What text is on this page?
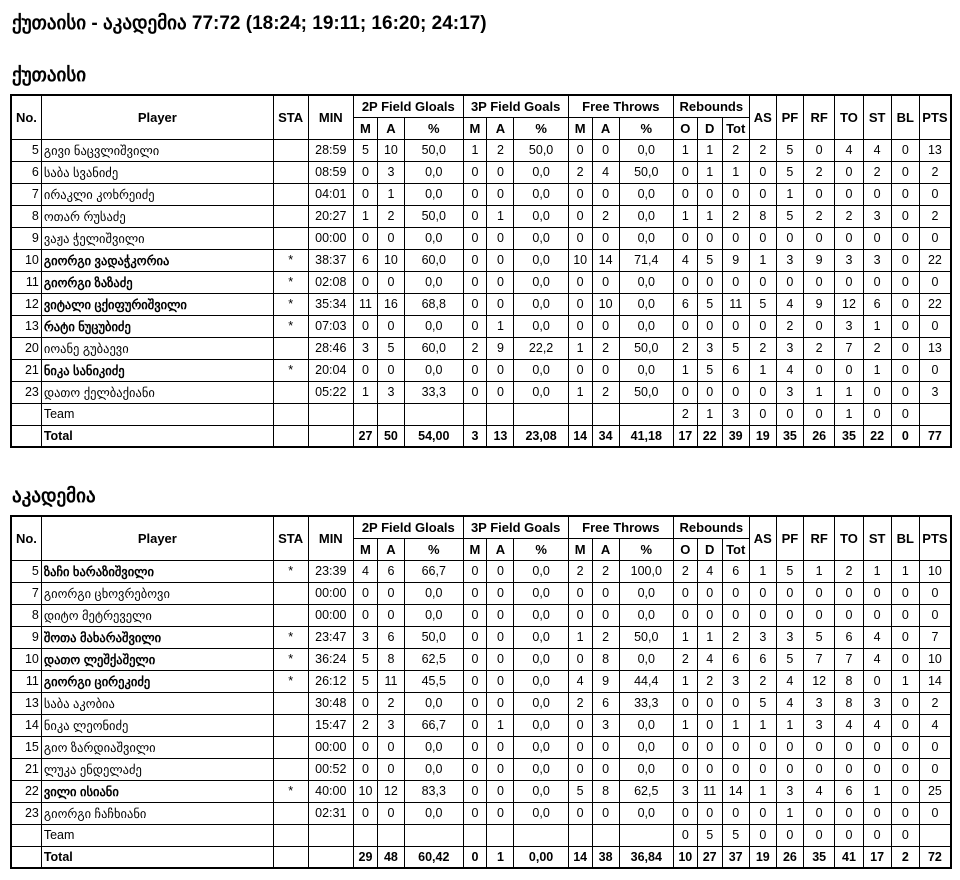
ქუთაისი - აკადემია 77:72 (18:24; 19:11; 16:20; 24:17)
ქუთაისი
No.	Player	STA	MIN	2P Field Gloals			3P Field Goals			Free Throws			Rebounds			AS	PF	RF	TO	ST	BL	PTS
				M	A	%	M	A	%	M	A	%	O	D	Tot							
5	გივი ნაცვლიშვილი		28:59	5	10	50,0	1	2	50,0	0	0	0,0	1	1	2	2	5	0	4	4	0	13
6	საბა სვანიძე		08:59	0	3	0,0	0	0	0,0	2	4	50,0	0	1	1	0	5	2	0	2	0	2
7	ირაკლი კოხრეიძე		04:01	0	1	0,0	0	0	0,0	0	0	0,0	0	0	0	0	1	0	0	0	0	0
8	ოთარ რუსაძე		20:27	1	2	50,0	0	1	0,0	0	2	0,0	1	1	2	8	5	2	2	3	0	2
9	ვაჟა ჭელიშვილი		00:00	0	0	0,0	0	0	0,0	0	0	0,0	0	0	0	0	0	0	0	0	0	0
10	გიორგი ვადაჭკორია	*	38:37	6	10	60,0	0	0	0,0	10	14	71,4	4	5	9	1	3	9	3	3	0	22
11	გიორგი ზაზაძე	*	02:08	0	0	0,0	0	0	0,0	0	0	0,0	0	0	0	0	0	0	0	0	0	0
12	ვიტალი ცქიფურიშვილი	*	35:34	11	16	68,8	0	0	0,0	0	10	0,0	6	5	11	5	4	9	12	6	0	22
13	რატი ნუცუბიძე	*	07:03	0	0	0,0	0	1	0,0	0	0	0,0	0	0	0	0	2	0	3	1	0	0
20	იოანე გუბაევი		28:46	3	5	60,0	2	9	22,2	1	2	50,0	2	3	5	2	3	2	7	2	0	13
21	ნიკა სანიკიძე	*	20:04	0	0	0,0	0	0	0,0	0	0	0,0	1	5	6	1	4	0	0	1	0	0
23	დათო ქელბაქიანი		05:22	1	3	33,3	0	0	0,0	1	2	50,0	0	0	0	0	3	1	1	0	0	3
	Team												2	1	3	0	0	0	1	0	0	
	Total			27	50	54,00	3	13	23,08	14	34	41,18	17	22	39	19	35	26	35	22	0	77
აკადემია
No.	Player	STA	MIN	2P Field Gloals			3P Field Goals			Free Throws			Rebounds			AS	PF	RF	TO	ST	BL	PTS
				M	A	%	M	A	%	M	A	%	O	D	Tot							
5	ზაჩი ხარაზიშვილი	*	23:39	4	6	66,7	0	0	0,0	2	2	100,0	2	4	6	1	5	1	2	1	1	10
7	გიორგი ცხოვრებოვი		00:00	0	0	0,0	0	0	0,0	0	0	0,0	0	0	0	0	0	0	0	0	0	0
8	დიტო მეტრეველი		00:00	0	0	0,0	0	0	0,0	0	0	0,0	0	0	0	0	0	0	0	0	0	0
9	შოთა მახარაშვილი	*	23:47	3	6	50,0	0	0	0,0	1	2	50,0	1	1	2	3	3	5	6	4	0	7
10	დათო ლეშქაშელი	*	36:24	5	8	62,5	0	0	0,0	0	8	0,0	2	4	6	6	5	7	7	4	0	10
11	გიორგი ცირეკიძე	*	26:12	5	11	45,5	0	0	0,0	4	9	44,4	1	2	3	2	4	12	8	0	1	14
13	საბა აკობია		30:48	0	2	0,0	0	0	0,0	2	6	33,3	0	0	0	5	4	3	8	3	0	2
14	ნიკა ლეონიძე		15:47	2	3	66,7	0	1	0,0	0	3	0,0	1	0	1	1	1	3	4	4	0	4
15	გიო ზარდიაშვილი		00:00	0	0	0,0	0	0	0,0	0	0	0,0	0	0	0	0	0	0	0	0	0	0
21	ლუკა ენდელაძე		00:52	0	0	0,0	0	0	0,0	0	0	0,0	0	0	0	0	0	0	0	0	0	0
22	ვილი ისიანი	*	40:00	10	12	83,3	0	0	0,0	5	8	62,5	3	11	14	1	3	4	6	1	0	25
23	გიორგი ჩაჩხიანი		02:31	0	0	0,0	0	0	0,0	0	0	0,0	0	0	0	0	1	0	0	0	0	0
	Team												0	5	5	0	0	0	0	0	0	
	Total			29	48	60,42	0	1	0,00	14	38	36,84	10	27	37	19	26	35	41	17	2	72
